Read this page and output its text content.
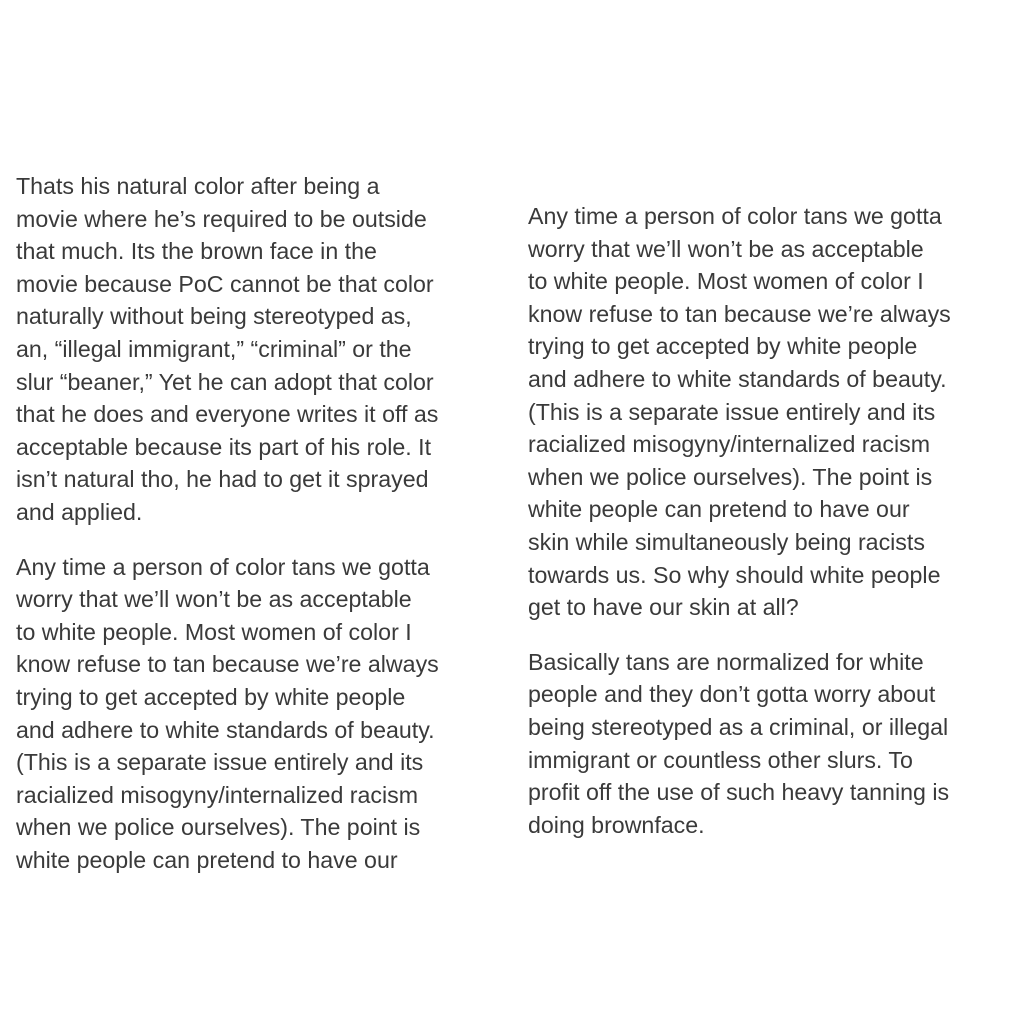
Thats his natural color after being a
movie where he’s required to be outside
that much. Its the brown face in the
movie because PoC cannot be that color
naturally without being stereotyped as,
an, “illegal immigrant,” “criminal” or the
slur “beaner,” Yet he can adopt that color
that he does and everyone writes it off as
acceptable because its part of his role. It
isn’t natural tho, he had to get it sprayed
and applied.
Any time a person of color tans we gotta
worry that we’ll won’t be as acceptable
to white people. Most women of color I
know refuse to tan because we’re always
trying to get accepted by white people
and adhere to white standards of beauty.
(This is a separate issue entirely and its
racialized misogyny/internalized racism
when we police ourselves). The point is
white people can pretend to have our
Any time a person of color tans we gotta
worry that we’ll won’t be as acceptable
to white people. Most women of color I
know refuse to tan because we’re always
trying to get accepted by white people
and adhere to white standards of beauty.
(This is a separate issue entirely and its
racialized misogyny/internalized racism
when we police ourselves). The point is
white people can pretend to have our
skin while simultaneously being racists
towards us. So why should white people
get to have our skin at all?
Basically tans are normalized for white
people and they don’t gotta worry about
being stereotyped as a criminal, or illegal
immigrant or countless other slurs. To
profit off the use of such heavy tanning is
doing brownface.
